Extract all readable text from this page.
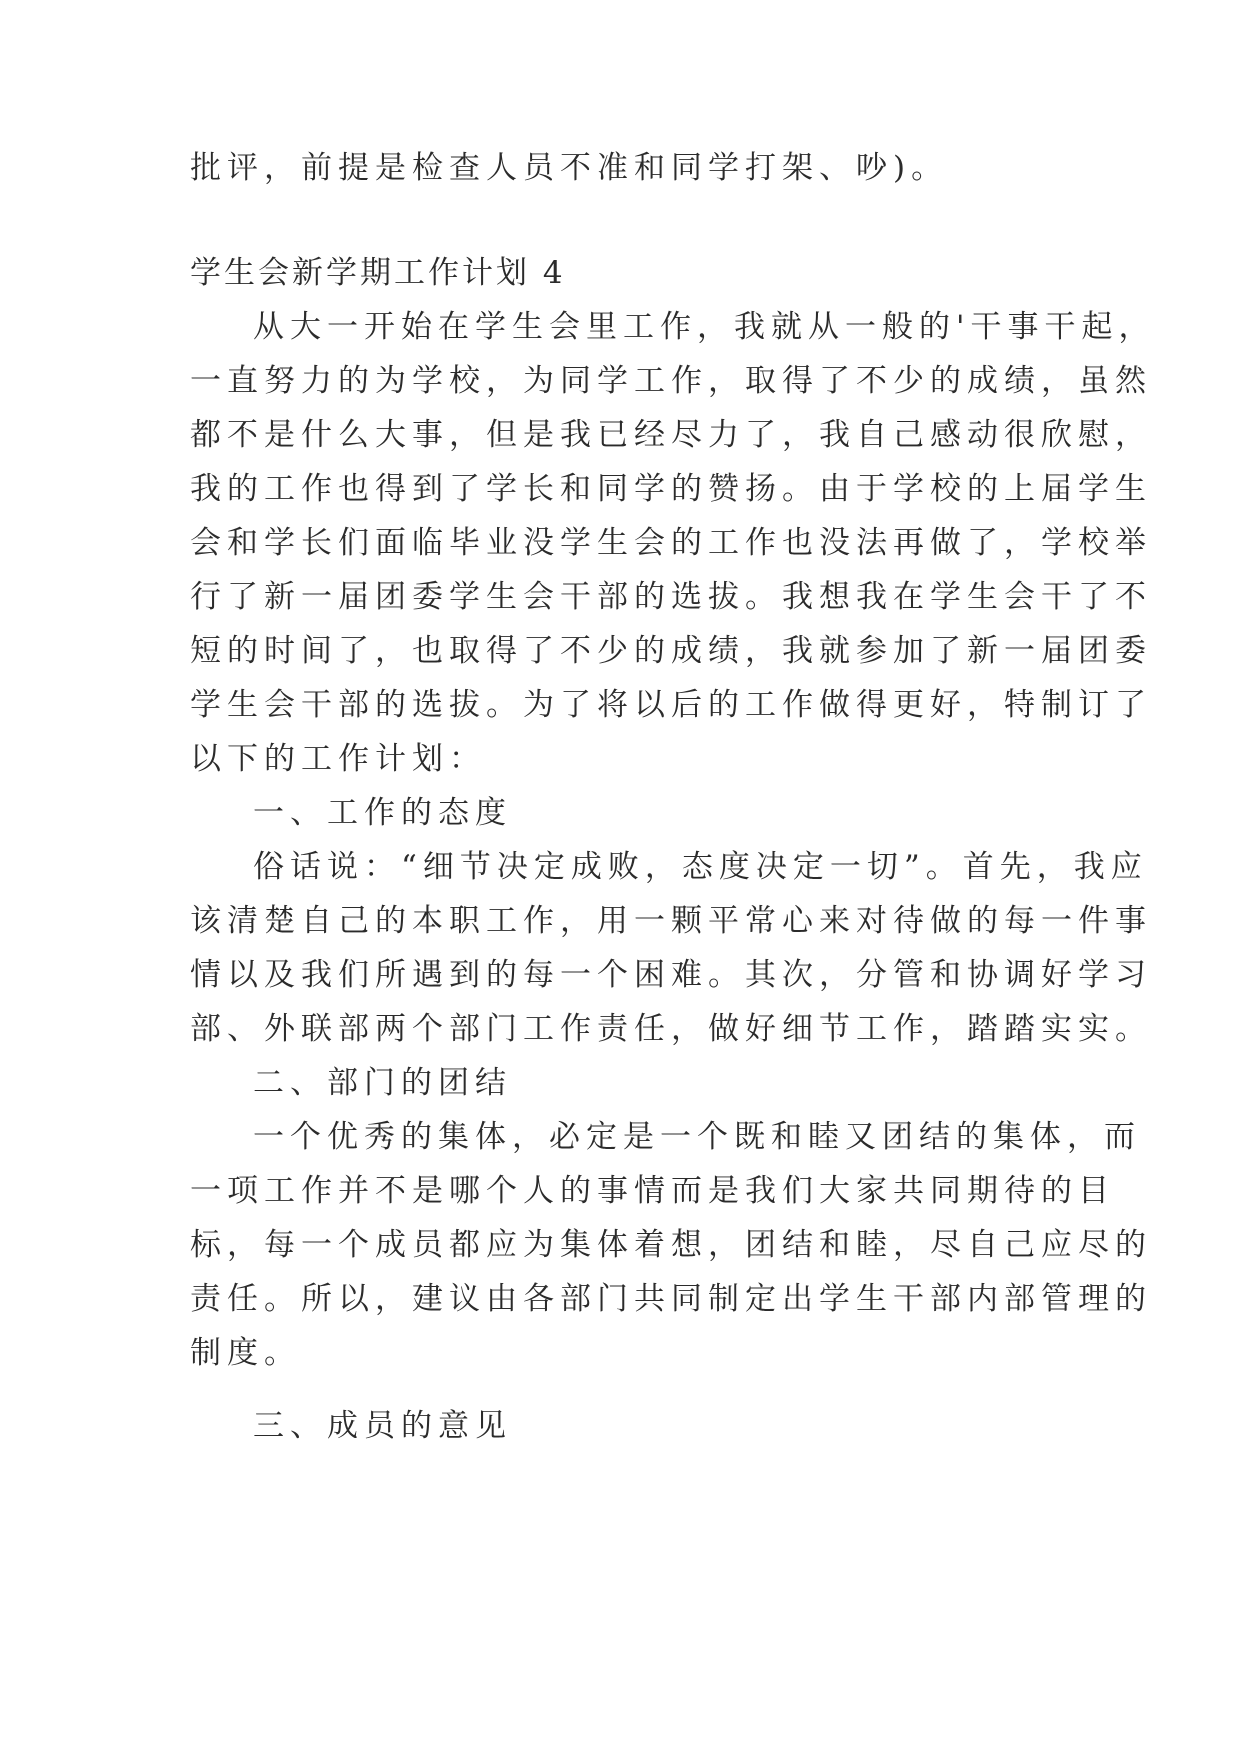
批评，前提是检查人员不准和同学打架、吵)。
学生会新学期工作计划 4
从大一开始在学生会里工作，我就从一般的'干事干起，
一直努力的为学校，为同学工作，取得了不少的成绩，虽然
都不是什么大事，但是我已经尽力了，我自己感动很欣慰，
我的工作也得到了学长和同学的赞扬。由于学校的上届学生
会和学长们面临毕业没学生会的工作也没法再做了，学校举
行了新一届团委学生会干部的选拔。我想我在学生会干了不
短的时间了，也取得了不少的成绩，我就参加了新一届团委
学生会干部的选拔。为了将以后的工作做得更好，特制订了
以下的工作计划：
一、工作的态度
俗话说：“细节决定成败，态度决定一切”。首先，我应
该清楚自己的本职工作，用一颗平常心来对待做的每一件事
情以及我们所遇到的每一个困难。其次，分管和协调好学习
部、外联部两个部门工作责任，做好细节工作，踏踏实实。
二、部门的团结
一个优秀的集体，必定是一个既和睦又团结的集体，而
一项工作并不是哪个人的事情而是我们大家共同期待的目
标，每一个成员都应为集体着想，团结和睦，尽自己应尽的
责任。所以，建议由各部门共同制定出学生干部内部管理的
制度。
三、成员的意见
